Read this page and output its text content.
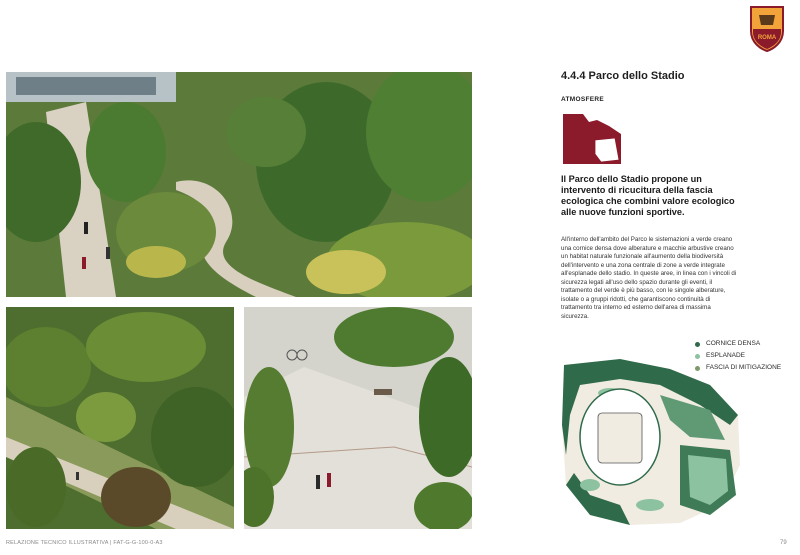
ROMA
4.4.4 Parco dello Stadio
ATMOSFERE

Il Parco dello Stadio propone un intervento di ricucitura della fascia ecologica che combini valore ecologico alle nuove funzioni sportive.

All'interno dell'ambito del Parco le sistemazioni a verde creano una cornice densa dove alberature e macchie arbustive creano un habitat naturale funzionale all'aumento della biodiversità dell'intervento e una zona centrale di zone a verde integrate all'esplanade dello stadio. In queste aree, in linea con i vincoli di sicurezza legati all'uso dello spazio durante gli eventi, il trattamento del verde è più basso, con le singole alberature, isolate o a gruppi ridotti, che garantiscono continuità di trattamento tra interno ed esterno dell'area di massima sicurezza.

CORNICE DENSA
ESPLANADE
FASCIA DI MITIGAZIONE
RELAZIONE TECNICO ILLUSTRATIVA | FAT-G-G-100-0-A3	79
